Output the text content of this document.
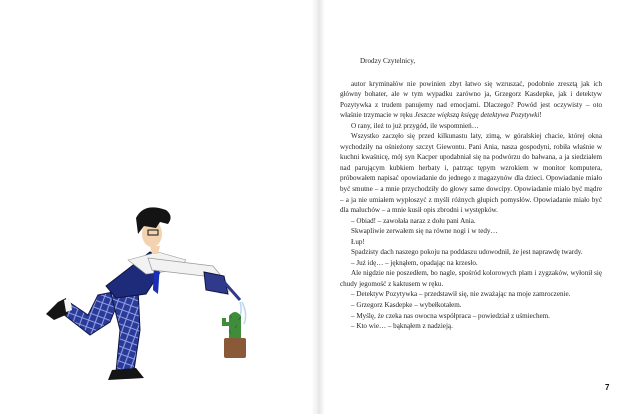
Drodzy Czytelnicy,

autor kryminałów nie powinien zbyt łatwo się wzruszać, podobnie zresztą jak ich główny bohater, ale w tym wypadku zarówno ja, Grzegorz Kasdepke, jak i detektyw Pozytywka z trudem panujemy nad emocjami. Dlaczego? Powód jest oczywisty – oto właśnie trzymacie w ręku Jeszcze większą księgę detektywa Pozytywki!

O rany, ileż to już przygód, ile wspomnień…

Wszystko zaczęło się przed kilkunastu laty, zimą, w góralskiej chacie, której okna wychodziły na ośnieżony szczyt Giewontu. Pani Ania, nasza gospodyni, robiła właśnie w kuchni kwaśnicę, mój syn Kacper upodabniał się na podwórzu do bałwana, a ja siedziałem nad parującym kubkiem herbaty i, patrząc tępym wzrokiem w monitor komputera, próbowałem napisać opowiadanie do jednego z magazynów dla dzieci. Opowiadanie miało być smutne – a mnie przychodziły do głowy same dowcipy. Opowiadanie miało być mądre – a ja nie umiałem wypłoszyć z myśli różnych głupich pomysłów. Opowiadanie miało być dla maluchów – a mnie kusił opis zbrodni i występków.

– Obiad! – zawołała naraz z dołu pani Ania.

Skwapliwie zerwałem się na równe nogi i w tedy…

Łup!

Spadzisty dach naszego pokoju na poddaszu udowodnił, że jest naprawdę twardy.

– Już idę… – jęknąłem, opadając na krzesło.

Ale nigdzie nie poszedłem, bo nagle, spośród kolorowych plam i zygzaków, wyłonił się chudy jegomość z kaktusem w ręku.

– Detektyw Pozytywka – przedstawił się, nie zważając na moje zamroczenie.

– Grzegorz Kasdepke – wybełkotałem.

– Myślę, że czeka nas owocna współpraca – powiedział z uśmiechem.

– Kto wie… – bąknąłem z nadzieją.

7
